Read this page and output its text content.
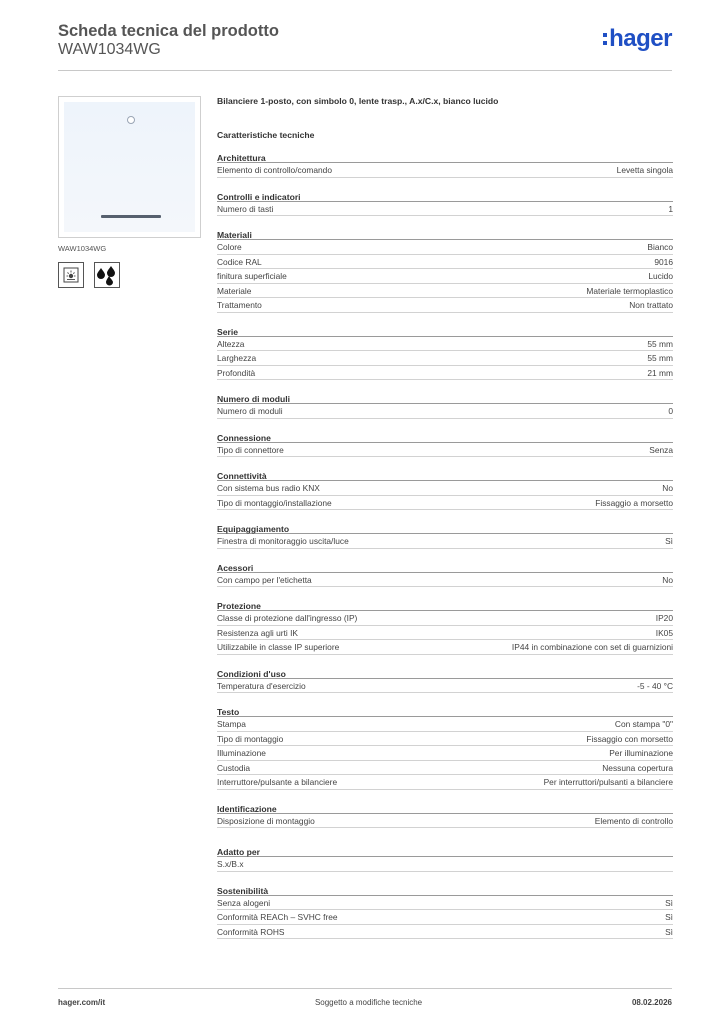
Scheda tecnica del prodotto
WAW1034WG	hager
WAW1034WG
Bilanciere 1-posto, con simbolo 0, lente trasp., A.x/C.x, bianco lucido
Caratteristiche tecniche
Architettura
Elemento di controllo/comando	Levetta singola
Controlli e indicatori
Numero di tasti	1
Materiali
Colore	Bianco
Codice RAL	9016
finitura superficiale	Lucido
Materiale	Materiale termoplastico
Trattamento	Non trattato
Serie
Altezza	55 mm
Larghezza	55 mm
Profondità	21 mm
Numero di moduli
Numero di moduli	0
Connessione
Tipo di connettore	Senza
Connettività
Con sistema bus radio KNX	No
Tipo di montaggio/installazione	Fissaggio a morsetto
Equipaggiamento
Finestra di monitoraggio uscita/luce	Sì
Acessori
Con campo per l'etichetta	No
Protezione
Classe di protezione dall'ingresso (IP)	IP20
Resistenza agli urti IK	IK05
Utilizzabile in classe IP superiore	IP44 in combinazione con set di guarnizioni
Condizioni d'uso
Temperatura d'esercizio	-5 - 40 °C
Testo
Stampa	Con stampa "0"
Tipo di montaggio	Fissaggio con morsetto
Illuminazione	Per illuminazione
Custodia	Nessuna copertura
Interruttore/pulsante a bilanciere	Per interruttori/pulsanti a bilanciere
Identificazione
Disposizione di montaggio	Elemento di controllo
Adatto per
S.x/B.x
Sostenibilità
Senza alogeni	Sì
Conformità REACh – SVHC free	Sì
Conformità ROHS	Sì
hager.com/it	Soggetto a modifiche tecniche	08.02.2026
